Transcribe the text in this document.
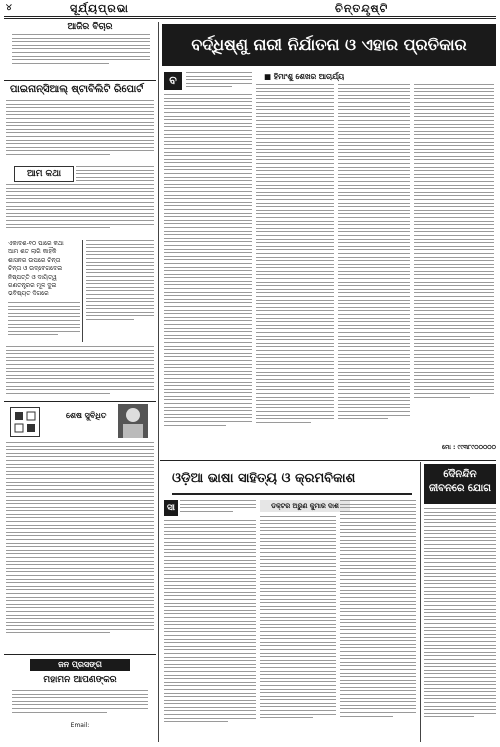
୪	ସୂର୍ଯ୍ୟପ୍ରଭା	ଚିନ୍ତନ୍ଦୃଷ୍ଟି
ଆଜିର ବିଚାର
ପାଇନାନ୍ସିଆଲ୍ ଷ୍ଟାବିଲିଟି ରିପୋର୍ଟ
ଆମ କଥା
ଏକାଦଶ-୧୦ ପାରେ କଥା
ଆମ ଶତ ଲାଗି କାହିଁକି
ଶାସନର ଉପରେ ଚିନ୍ତା
ଚିନ୍ତା ଓ ଉଦ୍ବେଗଦେଇ
ନିଷ୍ପତ୍ତି ଓ ଦାୟିତ୍ୱ
ଗଣତନ୍ତ୍ରର ମୂଳ ଦୁଇ
ଭବିଷ୍ୟତ ଦିଗରେ
ଶେଷ ସୁବିଧିତ
ଜନ ପ୍ରସଙ୍ଗ
ମହାମନ ଆପଣଙ୍କର
Email:
ବର୍ଦ୍ଧିଷ୍ଣୁ ନାରୀ ନିର୍ଯାତନା ଓ ଏହାର ପ୍ରତିକାର
■ ହିମାଂଶୁ ଶେଖର ଆଚାର୍ଯ୍ୟ
ବ
ମୋ : ୯୯୩୮୯୦୦୦୦୦
ଓଡ଼ିଆ ଭାଷା ସାହିତ୍ୟ ଓ କ୍ରମବିକାଶ
ସା	ଡକ୍ଟର ଅରୁଣ କୁମାର ଦାଶ
ଦୈନନ୍ଦିନ
ଜୀବନରେ ଯୋଗ
